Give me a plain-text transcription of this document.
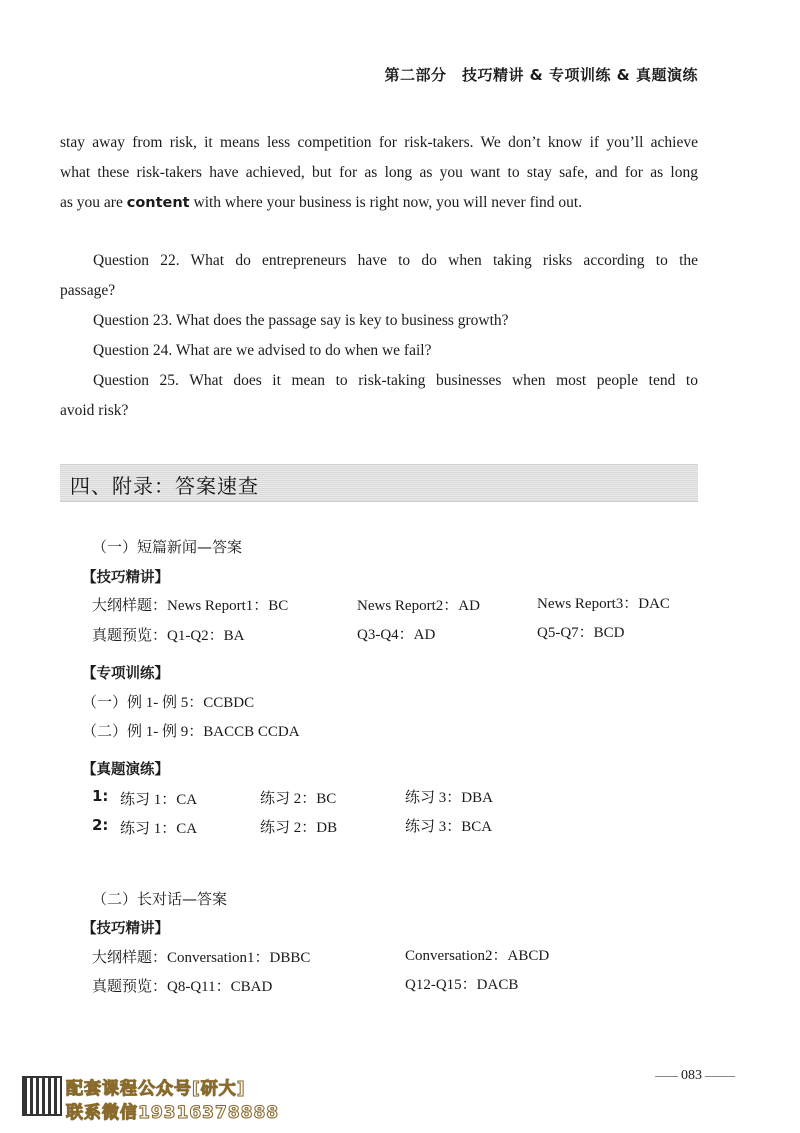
第二部分　技巧精讲 & 专项训练 & 真题演练

stay away from risk, it means less competition for risk-takers. We don’t know if you’ll achieve

what these risk-takers have achieved, but for as long as you want to stay safe, and for as long

as you are content with where your business is right now, you will never find out.

Question 22. What do entrepreneurs have to do when taking risks according to the

passage?

Question 23. What does the passage say is key to business growth?

Question 24. What are we advised to do when we fail?

Question 25. What does it mean to risk-taking businesses when most people tend to

avoid risk?

四、附录：答案速查
（一）短篇新闻—答案
【技巧精讲】
大纲样题：News Report1：BC	News Report2：AD	News Report3：DAC
真题预览：Q1-Q2：BA	Q3-Q4：AD	Q5-Q7：BCD
【专项训练】
（一）例 1- 例 5：CCBDC
（二）例 1- 例 9：BACCB CCDA
【真题演练】
1: 练习 1：CA	练习 2：BC	练习 3：DBA
2: 练习 1：CA	练习 2：DB	练习 3：BCA
（二）长对话—答案
【技巧精讲】
大纲样题：Conversation1：DBBC	Conversation2：ABCD
真题预览：Q8-Q11：CBAD	Q12-Q15：DACB
083
配套课程公众号[研大]
联系微信19316378888
